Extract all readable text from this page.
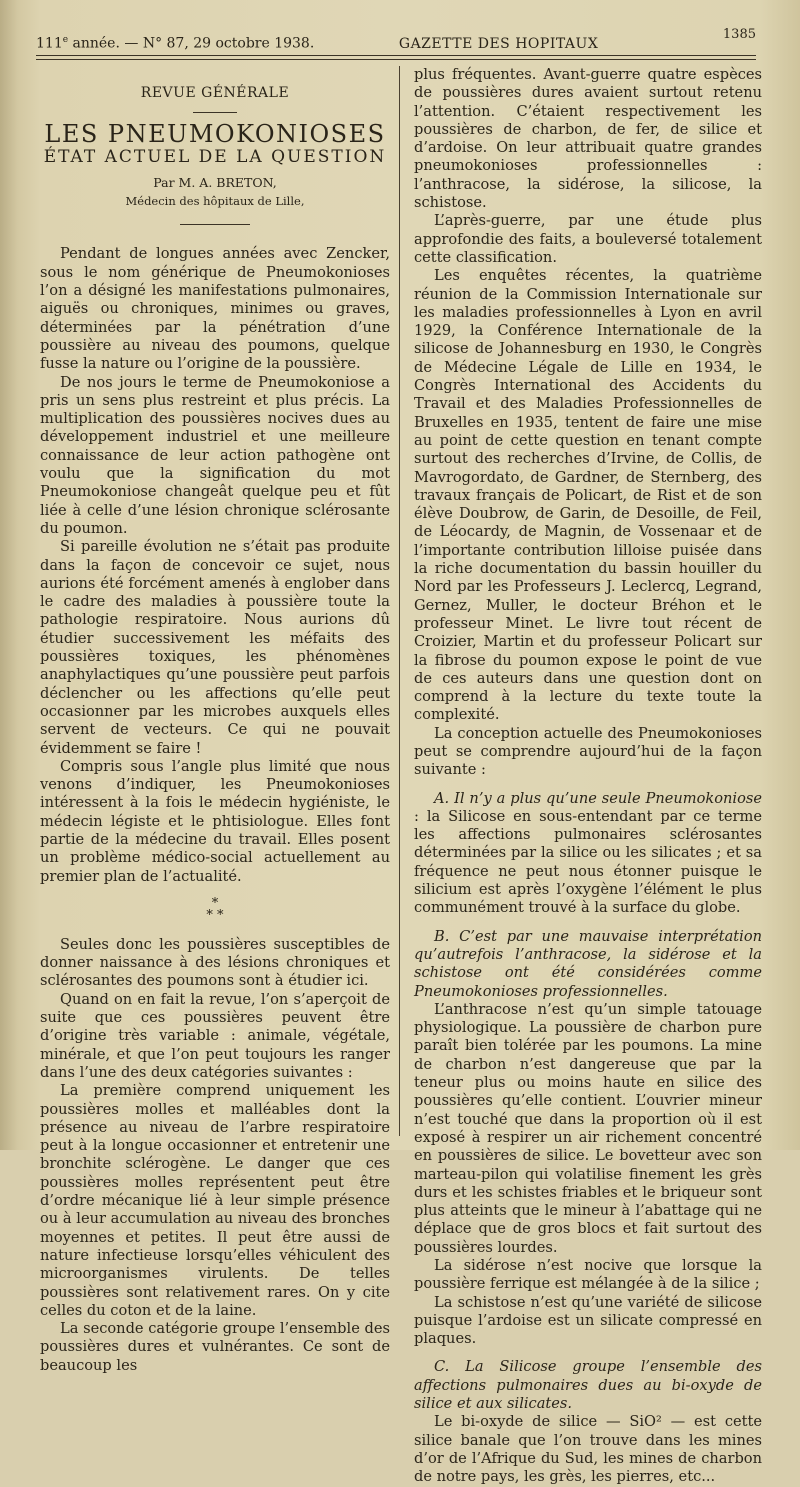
111e année. — N° 87, 29 octobre 1938.	GAZETTE DES HOPITAUX
1385
REVUE GÉNÉRALE
LES PNEUMOKONIOSES
ÉTAT ACTUEL DE LA QUESTION
Par M. A. BRETON,
Médecin des hôpitaux de Lille,

Pendant de longues années avec Zencker, sous le nom générique de Pneumokonioses l’on a désigné les manifestations pulmonaires, aiguës ou chroniques, minimes ou graves, déterminées par la pénétration d’une poussière au niveau des poumons, quelque fusse la nature ou l’origine de la poussière.

De nos jours le terme de Pneumokoniose a pris un sens plus restreint et plus précis. La multiplication des poussières nocives dues au développement industriel et une meilleure connaissance de leur action pathogène ont voulu que la signification du mot Pneumokoniose changeât quelque peu et fût liée à celle d’une lésion chronique sclérosante du poumon.

Si pareille évolution ne s’était pas produite dans la façon de concevoir ce sujet, nous aurions été forcément amenés à englober dans le cadre des maladies à poussière toute la pathologie respiratoire. Nous aurions dû étudier successivement les méfaits des poussières toxiques, les phénomènes anaphylactiques qu’une poussière peut parfois déclencher ou les affections qu’elle peut occasionner par les microbes auxquels elles servent de vecteurs. Ce qui ne pouvait évidemment se faire !

Compris sous l’angle plus limité que nous venons d’indiquer, les Pneumokonioses intéressent à la fois le médecin hygiéniste, le médecin légiste et le phtisiologue. Elles font partie de la médecine du travail. Elles posent un problème médico-social actuellement au premier plan de l’actualité.

*
* *

Seules donc les poussières susceptibles de donner naissance à des lésions chroniques et sclérosantes des poumons sont à étudier ici.

Quand on en fait la revue, l’on s’aperçoit de suite que ces poussières peuvent être d’origine très variable : animale, végétale, minérale, et que l’on peut toujours les ranger dans l’une des deux catégories suivantes :

La première comprend uniquement les poussières molles et malléables dont la présence au niveau de l’arbre respiratoire peut à la longue occasionner et entretenir une bronchite sclérogène. Le danger que ces poussières molles représentent peut être d’ordre mécanique lié à leur simple présence ou à leur accumulation au niveau des bronches moyennes et petites. Il peut être aussi de nature infectieuse lorsqu’elles véhiculent des microorganismes virulents. De telles poussières sont relativement rares. On y cite celles du coton et de la laine.

La seconde catégorie groupe l’ensemble des poussières dures et vulnérantes. Ce sont de beaucoup les

plus fréquentes. Avant-guerre quatre espèces de poussières dures avaient surtout retenu l’attention. C’étaient respectivement les poussières de charbon, de fer, de silice et d’ardoise. On leur attribuait quatre grandes pneumokonioses professionnelles : l’anthracose, la sidérose, la silicose, la schistose.

L’après-guerre, par une étude plus approfondie des faits, a bouleversé totalement cette classification.

Les enquêtes récentes, la quatrième réunion de la Commission Internationale sur les maladies professionnelles à Lyon en avril 1929, la Conférence Internationale de la silicose de Johannesburg en 1930, le Congrès de Médecine Légale de Lille en 1934, le Congrès International des Accidents du Travail et des Maladies Professionnelles de Bruxelles en 1935, tentent de faire une mise au point de cette question en tenant compte surtout des recherches d’Irvine, de Collis, de Mavrogordato, de Gardner, de Sternberg, des travaux français de Policart, de Rist et de son élève Doubrow, de Garin, de Desoille, de Feil, de Léocardy, de Magnin, de Vossenaar et de l’importante contribution lilloise puisée dans la riche documentation du bassin houiller du Nord par les Professeurs J. Leclercq, Legrand, Gernez, Muller, le docteur Bréhon et le professeur Minet. Le livre tout récent de Croizier, Martin et du professeur Policart sur la fibrose du poumon expose le point de vue de ces auteurs dans une question dont on comprend à la lecture du texte toute la complexité.

La conception actuelle des Pneumokonioses peut se comprendre aujourd’hui de la façon suivante :

A. Il n’y a plus qu’une seule Pneumokoniose : la Silicose en sous-entendant par ce terme les affections pulmonaires sclérosantes déterminées par la silice ou les silicates ; et sa fréquence ne peut nous étonner puisque le silicium est après l’oxygène l’élément le plus communément trouvé à la surface du globe.

B. C’est par une mauvaise interprétation qu’autrefois l’anthracose, la sidérose et la schistose ont été considérées comme Pneumokonioses professionnelles.

L’anthracose n’est qu’un simple tatouage physiologique. La poussière de charbon pure paraît bien tolérée par les poumons. La mine de charbon n’est dangereuse que par la teneur plus ou moins haute en silice des poussières qu’elle contient. L’ouvrier mineur n’est touché que dans la proportion où il est exposé à respirer un air richement concentré en poussières de silice. Le bovetteur avec son marteau-pilon qui volatilise finement les grès durs et les schistes friables et le briqueur sont plus atteints que le mineur à l’abattage qui ne déplace que de gros blocs et fait surtout des poussières lourdes.

La sidérose n’est nocive que lorsque la poussière ferrique est mélangée à de la silice ;

La schistose n’est qu’une variété de silicose puisque l’ardoise est un silicate compressé en plaques.

C. La Silicose groupe l’ensemble des affections pulmonaires dues au bi-oxyde de silice et aux silicates.

Le bi-oxyde de silice — SiO² — est cette silice banale que l’on trouve dans les mines d’or de l’Afrique du Sud, les mines de charbon de notre pays, les grès, les pierres, etc...
